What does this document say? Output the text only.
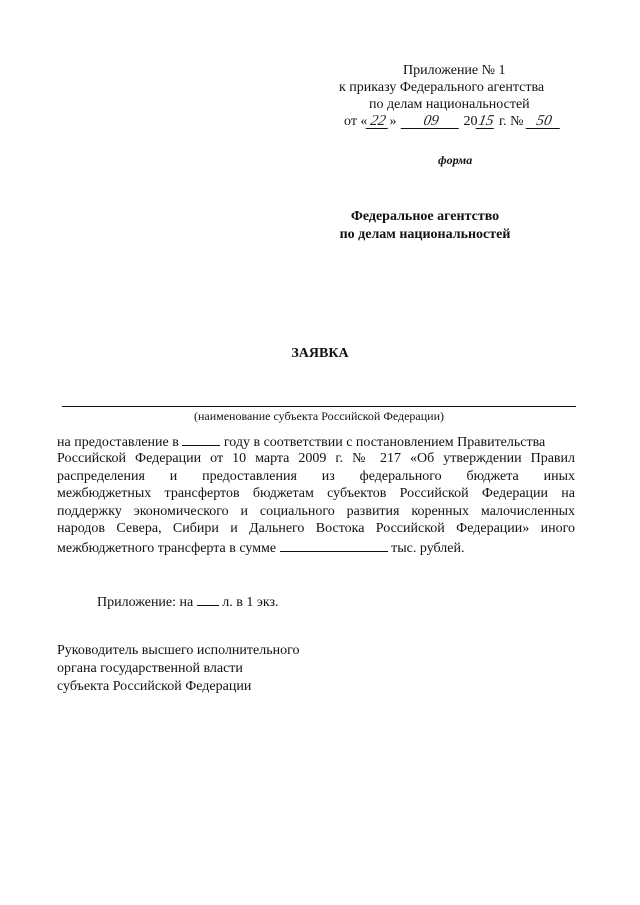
Приложение № 1
к приказу Федерального агентства
по делам национальностей
от « 22 » 09 2015 г. № 50
форма
Федеральное агентство
по делам национальностей
ЗАЯВКА
(наименование субъекта Российской Федерации)
на предоставление в	году в соответствии с постановлением Правительства
Российской Федерации от 10 марта 2009 г. № 217 «Об утверждении Правил
распределения и предоставления из федерального бюджета иных
межбюджетных трансфертов бюджетам субъектов Российской Федерации на
поддержку экономического и социального развития коренных малочисленных
народов Севера, Сибири и Дальнего Востока Российской Федерации» иного
межбюджетного трансферта в сумме	тыс. рублей.
Приложение: на л. в 1 экз.
Руководитель высшего исполнительного
органа государственной власти
субъекта Российской Федерации
